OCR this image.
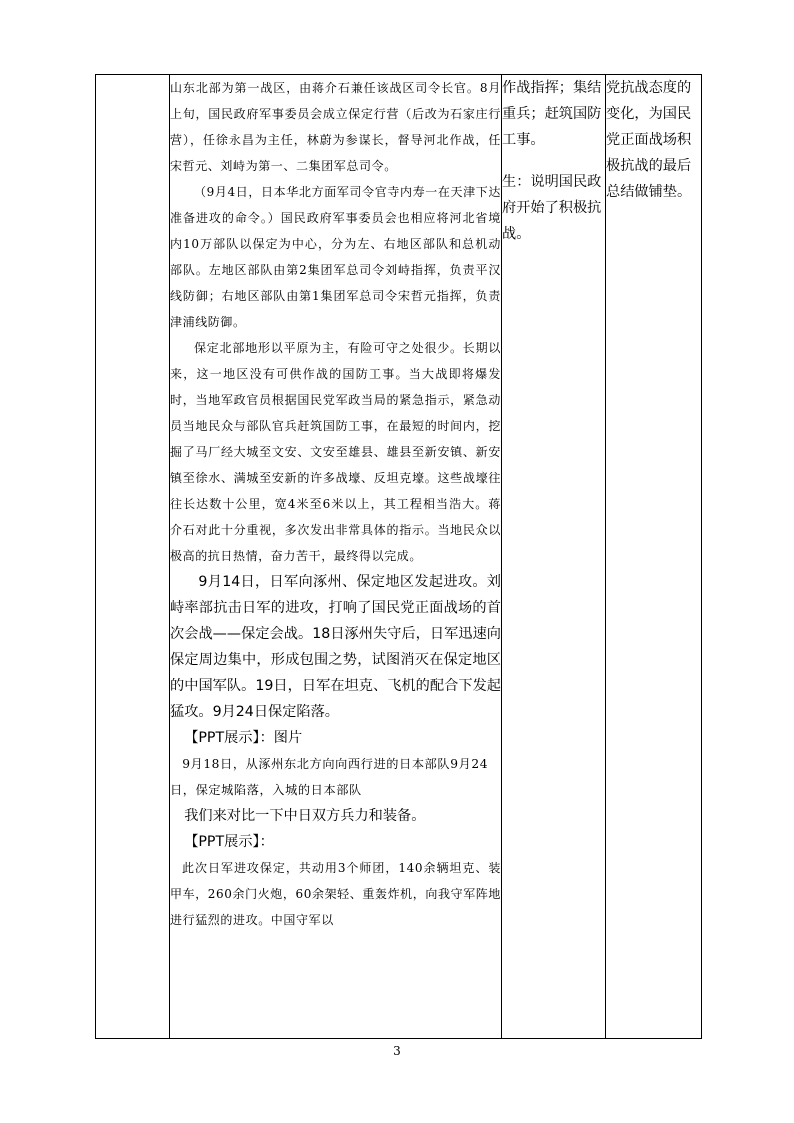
山东北部为第一战区，由蒋介石兼任该战区司令长官。8月上旬，国民政府军事委员会成立保定行营（后改为石家庄行营），任徐永昌为主任，林蔚为参谋长，督导河北作战，任宋哲元、刘峙为第一、二集团军总司令。

（9月4日，日本华北方面军司令官寺内寿一在天津下达准备进攻的命令。）国民政府军事委员会也相应将河北省境内10万部队以保定为中心，分为左、右地区部队和总机动部队。左地区部队由第2集团军总司令刘峙指挥，负责平汉线防御；右地区部队由第1集团军总司令宋哲元指挥，负责津浦线防御。

保定北部地形以平原为主，有险可守之处很少。长期以来，这一地区没有可供作战的国防工事。当大战即将爆发时，当地军政官员根据国民党军政当局的紧急指示，紧急动员当地民众与部队官兵赶筑国防工事，在最短的时间内，挖掘了马厂经大城至文安、文安至雄县、雄县至新安镇、新安镇至徐水、满城至安新的许多战壕、反坦克壕。这些战壕往往长达数十公里，宽4米至6米以上，其工程相当浩大。蒋介石对此十分重视，多次发出非常具体的指示。当地民众以极高的抗日热情，奋力苦干，最终得以完成。

9月14日，日军向涿州、保定地区发起进攻。刘峙率部抗击日军的进攻，打响了国民党正面战场的首次会战——保定会战。18日涿州失守后，日军迅速向保定周边集中，形成包围之势，试图消灭在保定地区的中国军队。19日，日军在坦克、飞机的配合下发起猛攻。9月24日保定陷落。

【PPT展示】：图片

9月18日，从涿州东北方向向西行进的日本部队9月24日，保定城陷落，入城的日本部队

我们来对比一下中日双方兵力和装备。

【PPT展示】：

此次日军进攻保定，共动用3个师团，140余辆坦克、装甲车，260余门火炮，60余架轻、重轰炸机，向我守军阵地进行猛烈的进攻。中国守军以

作战指挥；集结重兵；赶筑国防工事。

生：说明国民政府开始了积极抗战。

党抗战态度的变化，为国民党正面战场积极抗战的最后总结做铺垫。

3
